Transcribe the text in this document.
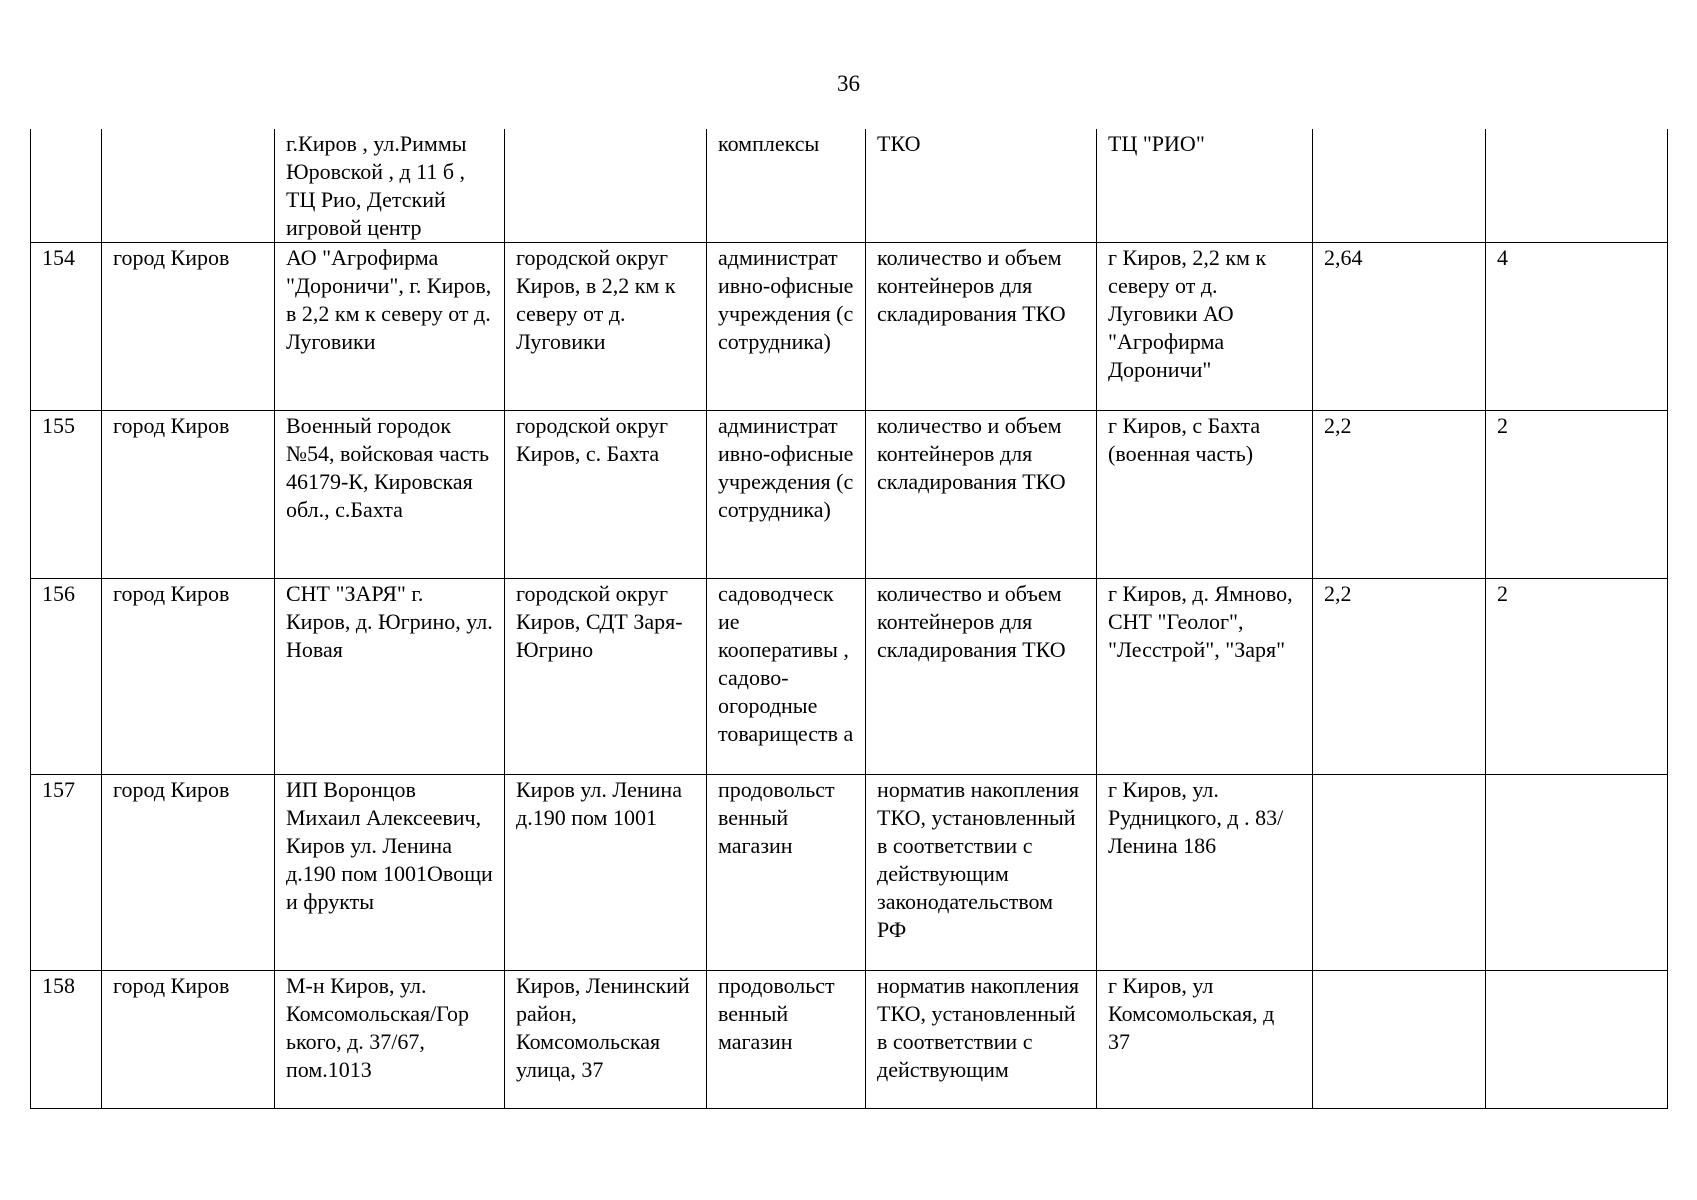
36
		г.Киров , ул.Риммы Юровской , д 11 б , ТЦ Рио, Детский игровой центр		комплексы	ТКО	ТЦ "РИО"		
154	город Киров	АО "Агрофирма "Дороничи", г. Киров, в 2,2 км к северу от д. Луговики	городской округ Киров, в 2,2 км к северу от д. Луговики	администрат ивно-офисные учреждения (с сотрудника)	количество и объем контейнеров для складирования ТКО	г Киров, 2,2 км к северу от д. Луговики АО "Агрофирма Дороничи"	2,64	4
155	город Киров	Военный городок №54, войсковая часть 46179-К, Кировская обл., с.Бахта	городской округ Киров, с. Бахта	администрат ивно-офисные учреждения (с сотрудника)	количество и объем контейнеров для складирования ТКО	г Киров, с Бахта (военная часть)	2,2	2
156	город Киров	СНТ "ЗАРЯ" г. Киров, д. Югрино, ул. Новая	городской округ Киров, СДТ Заря-Югрино	садоводческ ие кооперативы , садово-огородные товариществ а	количество и объем контейнеров для складирования ТКО	г Киров, д. Ямново, СНТ "Геолог", "Лесстрой", "Заря"	2,2	2
157	город Киров	ИП Воронцов Михаил Алексеевич, Киров ул. Ленина д.190 пом 1001Овощи и фрукты	Киров ул. Ленина д.190 пом 1001	продовольст венный магазин	норматив накопления ТКО, установленный в соответствии с действующим законодательством РФ	г Киров, ул. Рудницкого, д . 83/Ленина 186		
158	город Киров	М-н Киров, ул. Комсомольская/Гор ького, д. 37/67, пом.1013	Киров, Ленинский район, Комсомольская улица, 37	продовольст венный магазин	норматив накопления ТКО, установленный в соответствии с действующим	г Киров, ул Комсомольская, д 37		
